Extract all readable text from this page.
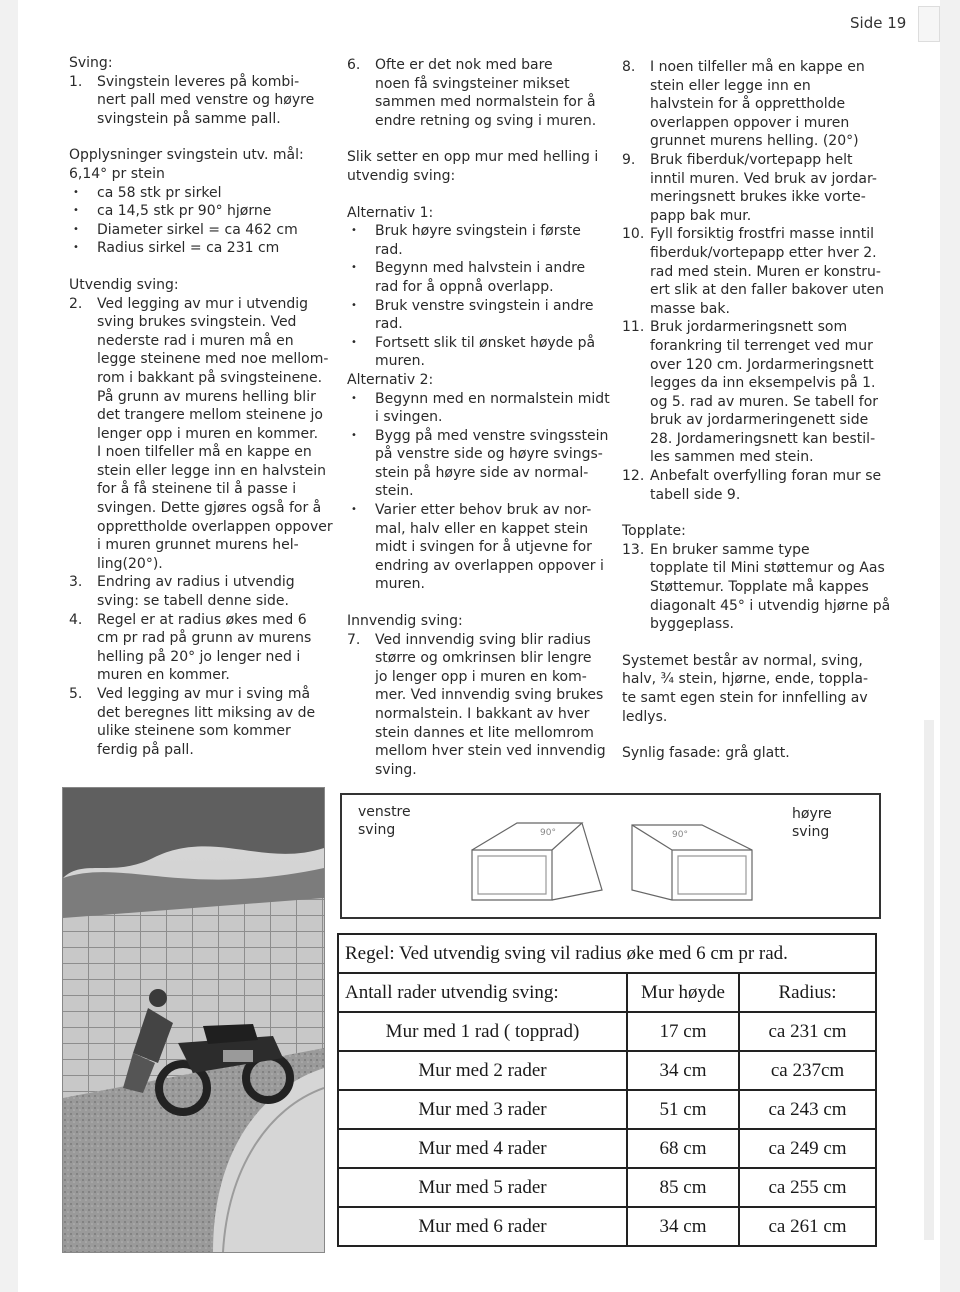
Side 19

Sving:

1. Svingstein leveres på kombi-

nert pall med venstre og høyre

svingstein på samme pall.

Opplysninger svingstein utv. mål:

6,14° pr stein

• ca 58 stk pr sirkel

• ca 14,5 stk pr 90° hjørne

• Diameter sirkel = ca 462 cm

• Radius sirkel = ca 231 cm

Utvendig sving:

2. Ved legging av mur i utvendig

sving brukes svingstein. Ved

nederste rad i muren må en

legge steinene med noe mellom-

rom i bakkant på svingsteinene.

På grunn av murens helling blir

det trangere mellom steinene jo

lenger opp i muren en kommer.

I noen tilfeller må en kappe en

stein eller legge inn en halvstein

for å få steinene til å passe i

svingen. Dette gjøres også for å

opprettholde overlappen oppover

i muren grunnet murens hel-

ling(20°).

3. Endring av radius i utvendig

sving: se tabell denne side.

4. Regel er at radius økes med 6

cm pr rad på grunn av murens

helling på 20° jo lenger ned i

muren en kommer.

5. Ved legging av mur i sving må

det beregnes litt miksing av de

ulike steinene som kommer

ferdig på pall.

6. Ofte er det nok med bare

noen få svingsteiner mikset

sammen med normalstein for å

endre retning og sving i muren.

Slik setter en opp mur med helling i

utvendig sving:

Alternativ 1:

• Bruk høyre svingstein i første

rad.

• Begynn med halvstein i andre

rad for å oppnå overlapp.

• Bruk venstre svingstein i andre

rad.

• Fortsett slik til ønsket høyde på

muren.

Alternativ 2:

• Begynn med en normalstein midt

i svingen.

• Bygg på med venstre svingsstein

på venstre side og høyre svings-

stein på høyre side av normal-

stein.

• Varier etter behov bruk av nor-

mal, halv eller en kappet stein

midt i svingen for å utjevne for

endring av overlappen oppover i

muren.

Innvendig sving:

7. Ved innvendig sving blir radius

større og omkrinsen blir lengre

jo lenger opp i muren en kom-

mer. Ved innvendig sving brukes

normalstein. I bakkant av hver

stein dannes et lite mellomrom

mellom hver stein ved innvendig

sving.

8. I noen tilfeller må en kappe en

stein eller legge inn en

halvstein for å opprettholde

overlappen oppover i muren

grunnet murens helling. (20°)

9. Bruk fiberduk/vortepapp helt

inntil muren. Ved bruk av jordar-

meringsnett brukes ikke vorte-

papp bak mur.

10. Fyll forsiktig frostfri masse inntil

fiberduk/vortepapp etter hver 2.

rad med stein. Muren er konstru-

ert slik at den faller bakover uten

masse bak.

11. Bruk jordarmeringsnett som

forankring til terrenget ved mur

over 120 cm. Jordarmeringsnett

legges da inn eksempelvis på 1.

og 5. rad av muren. Se tabell for

bruk av jordarmeringenett side

28. Jordameringsnett kan bestil-

les sammen med stein.

12. Anbefalt overfylling foran mur se

tabell side 9.

Topplate:

13. En bruker samme type

topplate til Mini støttemur og Aas

Støttemur. Topplate må kappes

diagonalt 45° i utvendig hjørne på

byggeplass.

Systemet består av normal, sving,

halv, ¾ stein, hjørne, ende, toppla-

te samt egen stein for innfelling av

ledlys.

Synlig fasade: grå glatt.

venstre

sving

høyre

sving

90°	90°
Regel: Ved utvendig sving vil radius øke med 6 cm pr rad.		
Antall rader utvendig sving:	Mur høyde	Radius:
Mur med 1 rad ( topprad)	17 cm	ca 231 cm
Mur med 2 rader	34 cm	ca 237cm
Mur med 3 rader	51 cm	ca 243 cm
Mur med 4 rader	68 cm	ca 249 cm
Mur med 5 rader	85 cm	ca 255 cm
Mur med 6 rader	34 cm	ca 261 cm
